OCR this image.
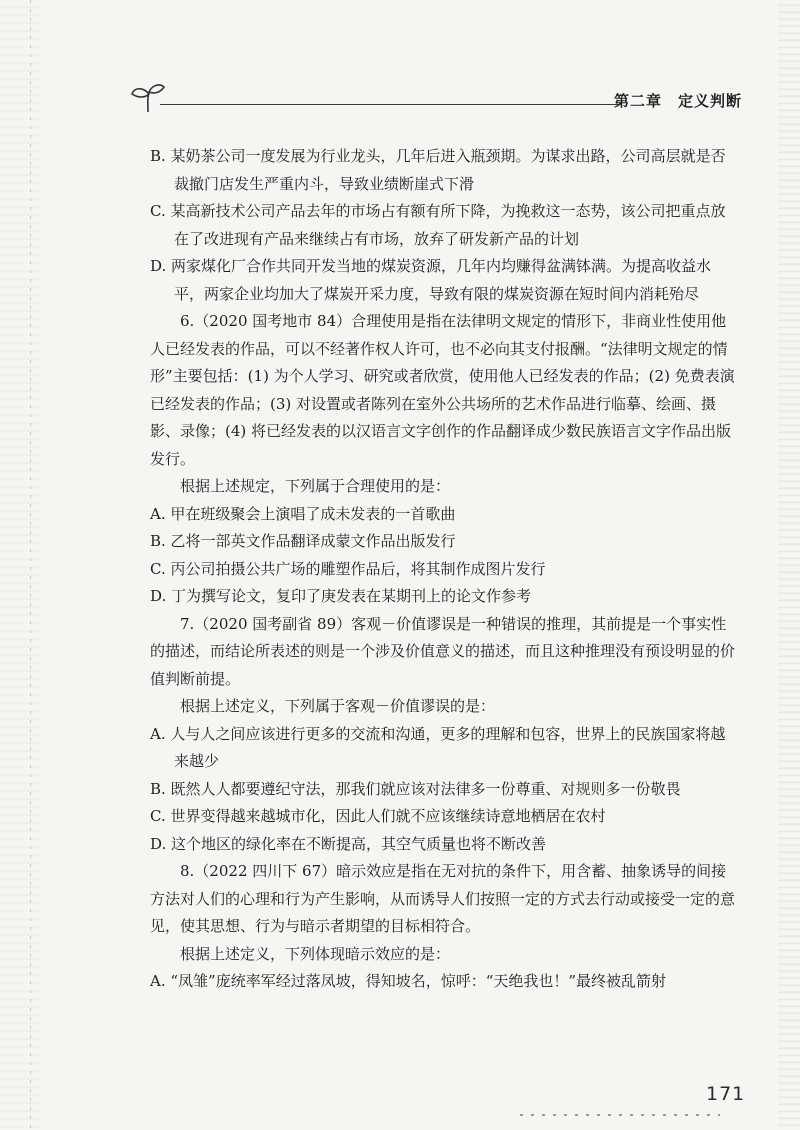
第二章 定义判断

B. 某奶茶公司一度发展为行业龙头，几年后进入瓶颈期。为谋求出路，公司高层就是否裁撤门店发生严重内斗，导致业绩断崖式下滑

C. 某高新技术公司产品去年的市场占有额有所下降，为挽救这一态势，该公司把重点放在了改进现有产品来继续占有市场，放弃了研发新产品的计划

D. 两家煤化厂合作共同开发当地的煤炭资源，几年内均赚得盆满钵满。为提高收益水平，两家企业均加大了煤炭开采力度，导致有限的煤炭资源在短时间内消耗殆尽

6.（2020 国考地市 84）合理使用是指在法律明文规定的情形下，非商业性使用他人已经发表的作品，可以不经著作权人许可，也不必向其支付报酬。“法律明文规定的情形”主要包括：(1) 为个人学习、研究或者欣赏，使用他人已经发表的作品；(2) 免费表演已经发表的作品；(3) 对设置或者陈列在室外公共场所的艺术作品进行临摹、绘画、摄影、录像；(4) 将已经发表的以汉语言文字创作的作品翻译成少数民族语言文字作品出版发行。

根据上述规定，下列属于合理使用的是：

A. 甲在班级聚会上演唱了成未发表的一首歌曲

B. 乙将一部英文作品翻译成蒙文作品出版发行

C. 丙公司拍摄公共广场的雕塑作品后，将其制作成图片发行

D. 丁为撰写论文，复印了庚发表在某期刊上的论文作参考

7.（2020 国考副省 89）客观－价值谬误是一种错误的推理，其前提是一个事实性的描述，而结论所表述的则是一个涉及价值意义的描述，而且这种推理没有预设明显的价值判断前提。

根据上述定义，下列属于客观－价值谬误的是：

A. 人与人之间应该进行更多的交流和沟通，更多的理解和包容，世界上的民族国家将越来越少

B. 既然人人都要遵纪守法，那我们就应该对法律多一份尊重、对规则多一份敬畏

C. 世界变得越来越城市化，因此人们就不应该继续诗意地栖居在农村

D. 这个地区的绿化率在不断提高，其空气质量也将不断改善

8.（2022 四川下 67）暗示效应是指在无对抗的条件下，用含蓄、抽象诱导的间接方法对人们的心理和行为产生影响，从而诱导人们按照一定的方式去行动或接受一定的意见，使其思想、行为与暗示者期望的目标相符合。

根据上述定义，下列体现暗示效应的是：

A. “凤雏”庞统率军经过落凤坡，得知坡名，惊呼：“天绝我也！”最终被乱箭射

171
